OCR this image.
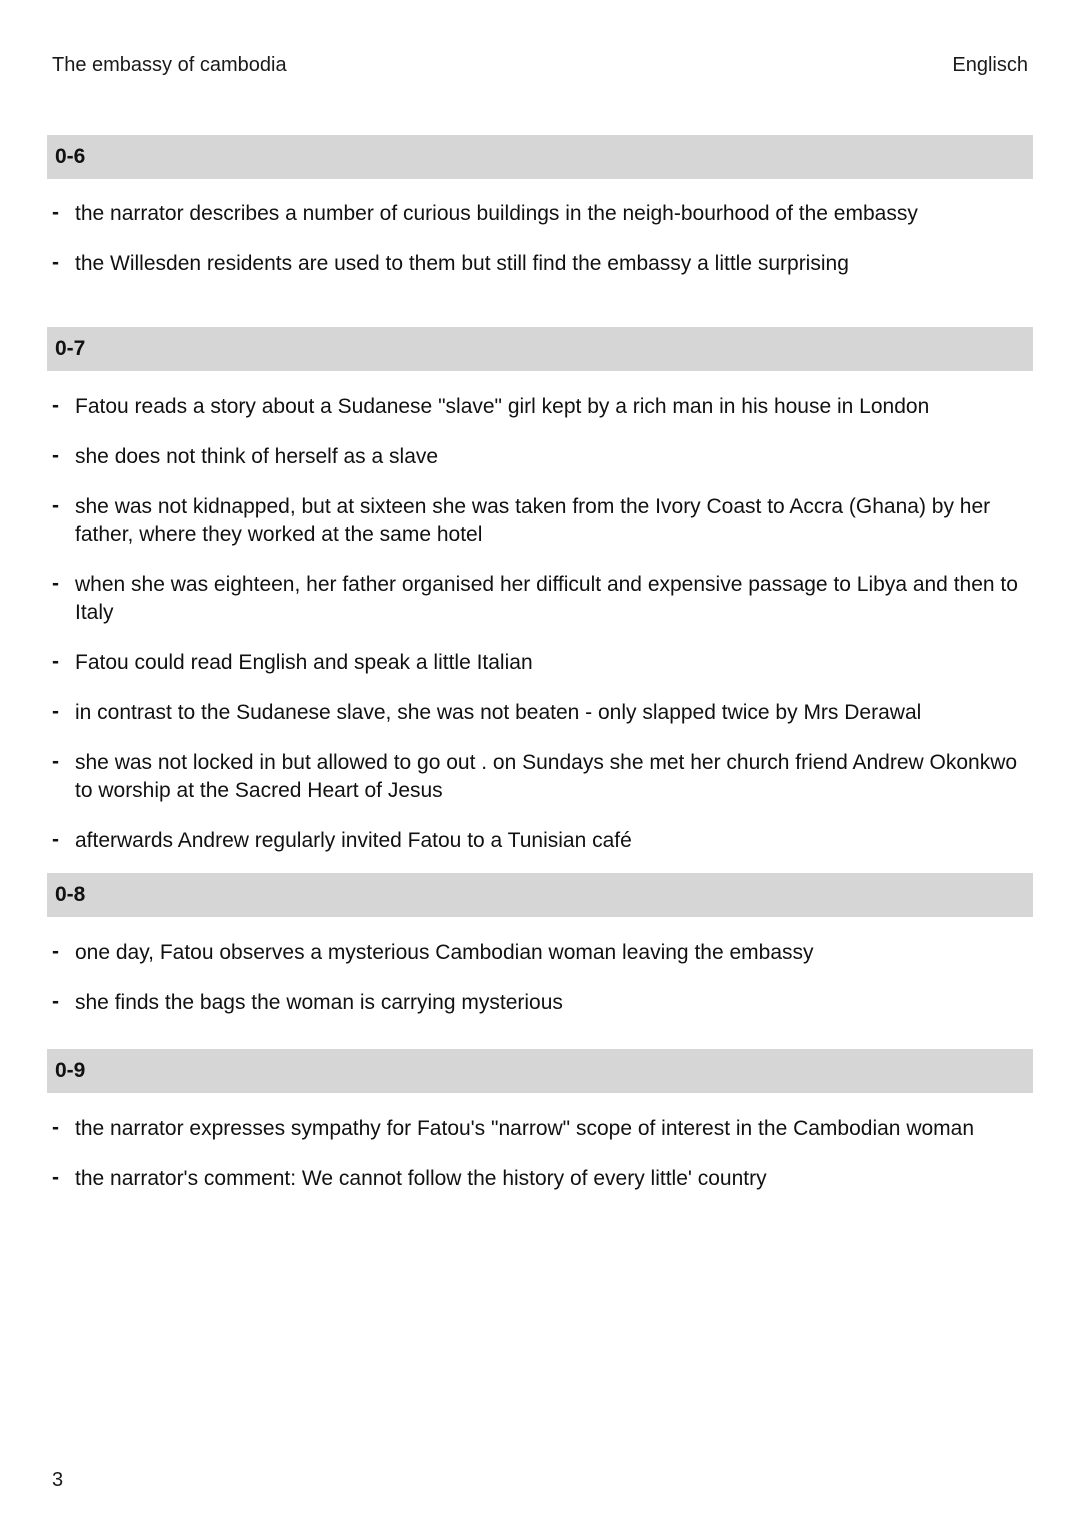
The embassy of cambodia	Englisch
0-6
- the narrator describes a number of curious buildings in the neigh-bourhood of the embassy
- the Willesden residents are used to them but still find the embassy a little surprising
0-7
- Fatou reads a story about a Sudanese "slave" girl kept by a rich man in his house in London
- she does not think of herself as a slave
- she was not kidnapped, but at sixteen she was taken from the Ivory Coast to Accra (Ghana) by her father, where they worked at the same hotel
- when she was eighteen, her father organised her difficult and expensive passage to Libya and then to Italy
- Fatou could read English and speak a little Italian
- in contrast to the Sudanese slave, she was not beaten - only slapped twice by Mrs Derawal
- she was not locked in but allowed to go out . on Sundays she met her church friend Andrew Okonkwo to worship at the Sacred Heart of Jesus
- afterwards Andrew regularly invited Fatou to a Tunisian café
0-8
- one day, Fatou observes a mysterious Cambodian woman leaving the embassy
- she finds the bags the woman is carrying mysterious
0-9
- the narrator expresses sympathy for Fatou's "narrow" scope of interest in the Cambodian woman
- the narrator's comment: We cannot follow the history of every little' country
3
